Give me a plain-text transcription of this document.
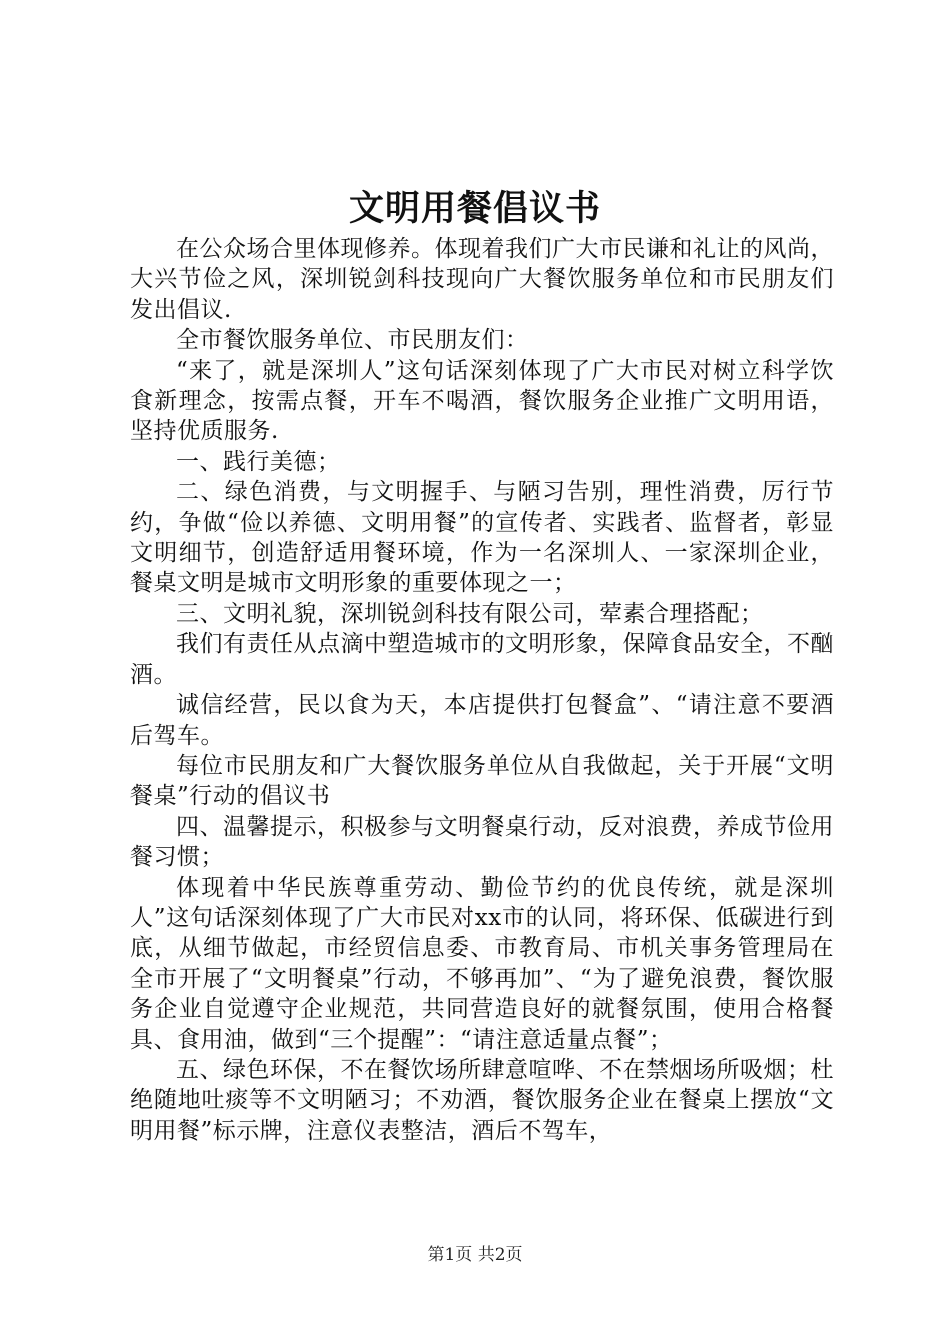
文明用餐倡议书

在公众场合里体现修养。体现着我们广大市民谦和礼让的风尚，大兴节俭之风，深圳锐剑科技现向广大餐饮服务单位和市民朋友们发出倡议.

全市餐饮服务单位、市民朋友们：

“来了，就是深圳人”这句话深刻体现了广大市民对树立科学饮食新理念，按需点餐，开车不喝酒，餐饮服务企业推广文明用语，坚持优质服务.

一、践行美德；

二、绿色消费，与文明握手、与陋习告别，理性消费，厉行节约，争做“俭以养德、文明用餐”的宣传者、实践者、监督者，彰显文明细节，创造舒适用餐环境，作为一名深圳人、一家深圳企业，餐桌文明是城市文明形象的重要体现之一；

三、文明礼貌，深圳锐剑科技有限公司，荤素合理搭配；

我们有责任从点滴中塑造城市的文明形象，保障食品安全，不酗酒。

诚信经营，民以食为天，本店提供打包餐盒”、“请注意不要酒后驾车。

每位市民朋友和广大餐饮服务单位从自我做起，关于开展“文明餐桌”行动的倡议书

四、温馨提示，积极参与文明餐桌行动，反对浪费，养成节俭用餐习惯；

体现着中华民族尊重劳动、勤俭节约的优良传统，就是深圳人”这句话深刻体现了广大市民对xx市的认同，将环保、低碳进行到底，从细节做起，市经贸信息委、市教育局、市机关事务管理局在全市开展了“文明餐桌”行动，不够再加”、“为了避免浪费，餐饮服务企业自觉遵守企业规范，共同营造良好的就餐氛围，使用合格餐具、食用油，做到“三个提醒”：“请注意适量点餐”；

五、绿色环保，不在餐饮场所肆意喧哗、不在禁烟场所吸烟；杜绝随地吐痰等不文明陋习；不劝酒，餐饮服务企业在餐桌上摆放“文明用餐”标示牌，注意仪表整洁，酒后不驾车，

第1页 共2页
